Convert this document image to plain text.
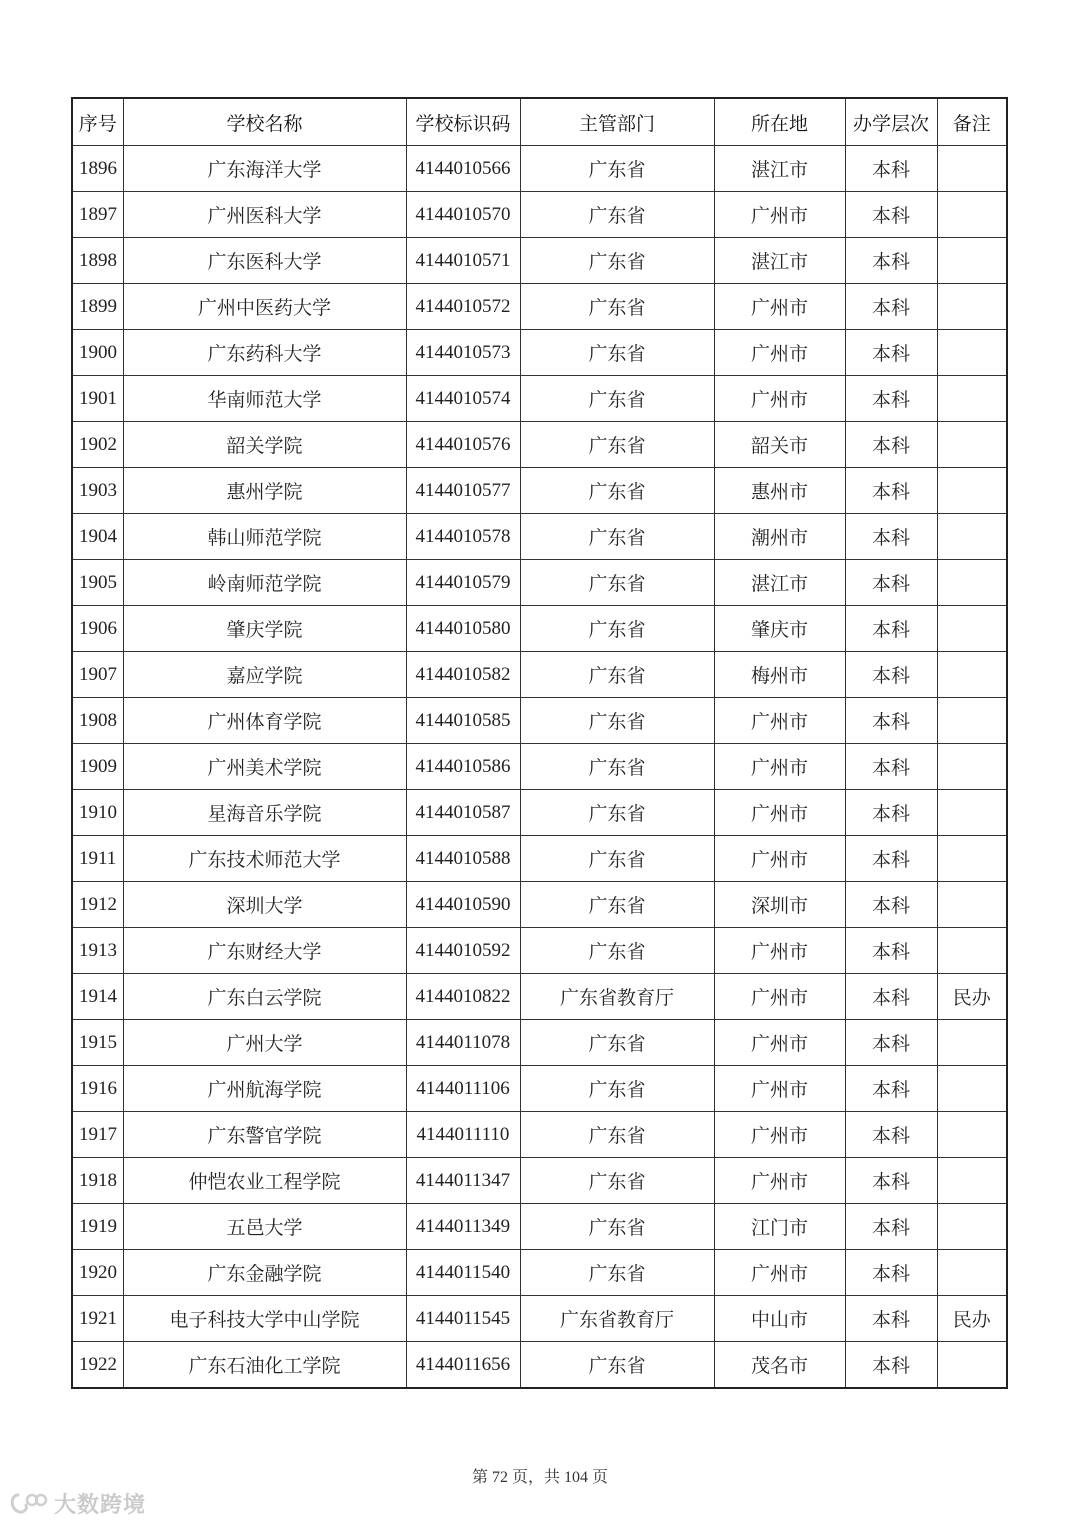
序号	学校名称	学校标识码	主管部门	所在地	办学层次	备注
1896	广东海洋大学	4144010566	广东省	湛江市	本科	
1897	广州医科大学	4144010570	广东省	广州市	本科	
1898	广东医科大学	4144010571	广东省	湛江市	本科	
1899	广州中医药大学	4144010572	广东省	广州市	本科	
1900	广东药科大学	4144010573	广东省	广州市	本科	
1901	华南师范大学	4144010574	广东省	广州市	本科	
1902	韶关学院	4144010576	广东省	韶关市	本科	
1903	惠州学院	4144010577	广东省	惠州市	本科	
1904	韩山师范学院	4144010578	广东省	潮州市	本科	
1905	岭南师范学院	4144010579	广东省	湛江市	本科	
1906	肇庆学院	4144010580	广东省	肇庆市	本科	
1907	嘉应学院	4144010582	广东省	梅州市	本科	
1908	广州体育学院	4144010585	广东省	广州市	本科	
1909	广州美术学院	4144010586	广东省	广州市	本科	
1910	星海音乐学院	4144010587	广东省	广州市	本科	
1911	广东技术师范大学	4144010588	广东省	广州市	本科	
1912	深圳大学	4144010590	广东省	深圳市	本科	
1913	广东财经大学	4144010592	广东省	广州市	本科	
1914	广东白云学院	4144010822	广东省教育厅	广州市	本科	民办
1915	广州大学	4144011078	广东省	广州市	本科	
1916	广州航海学院	4144011106	广东省	广州市	本科	
1917	广东警官学院	4144011110	广东省	广州市	本科	
1918	仲恺农业工程学院	4144011347	广东省	广州市	本科	
1919	五邑大学	4144011349	广东省	江门市	本科	
1920	广东金融学院	4144011540	广东省	广州市	本科	
1921	电子科技大学中山学院	4144011545	广东省教育厅	中山市	本科	民办
1922	广东石油化工学院	4144011656	广东省	茂名市	本科	
第 72 页，共 104 页
大数跨境
